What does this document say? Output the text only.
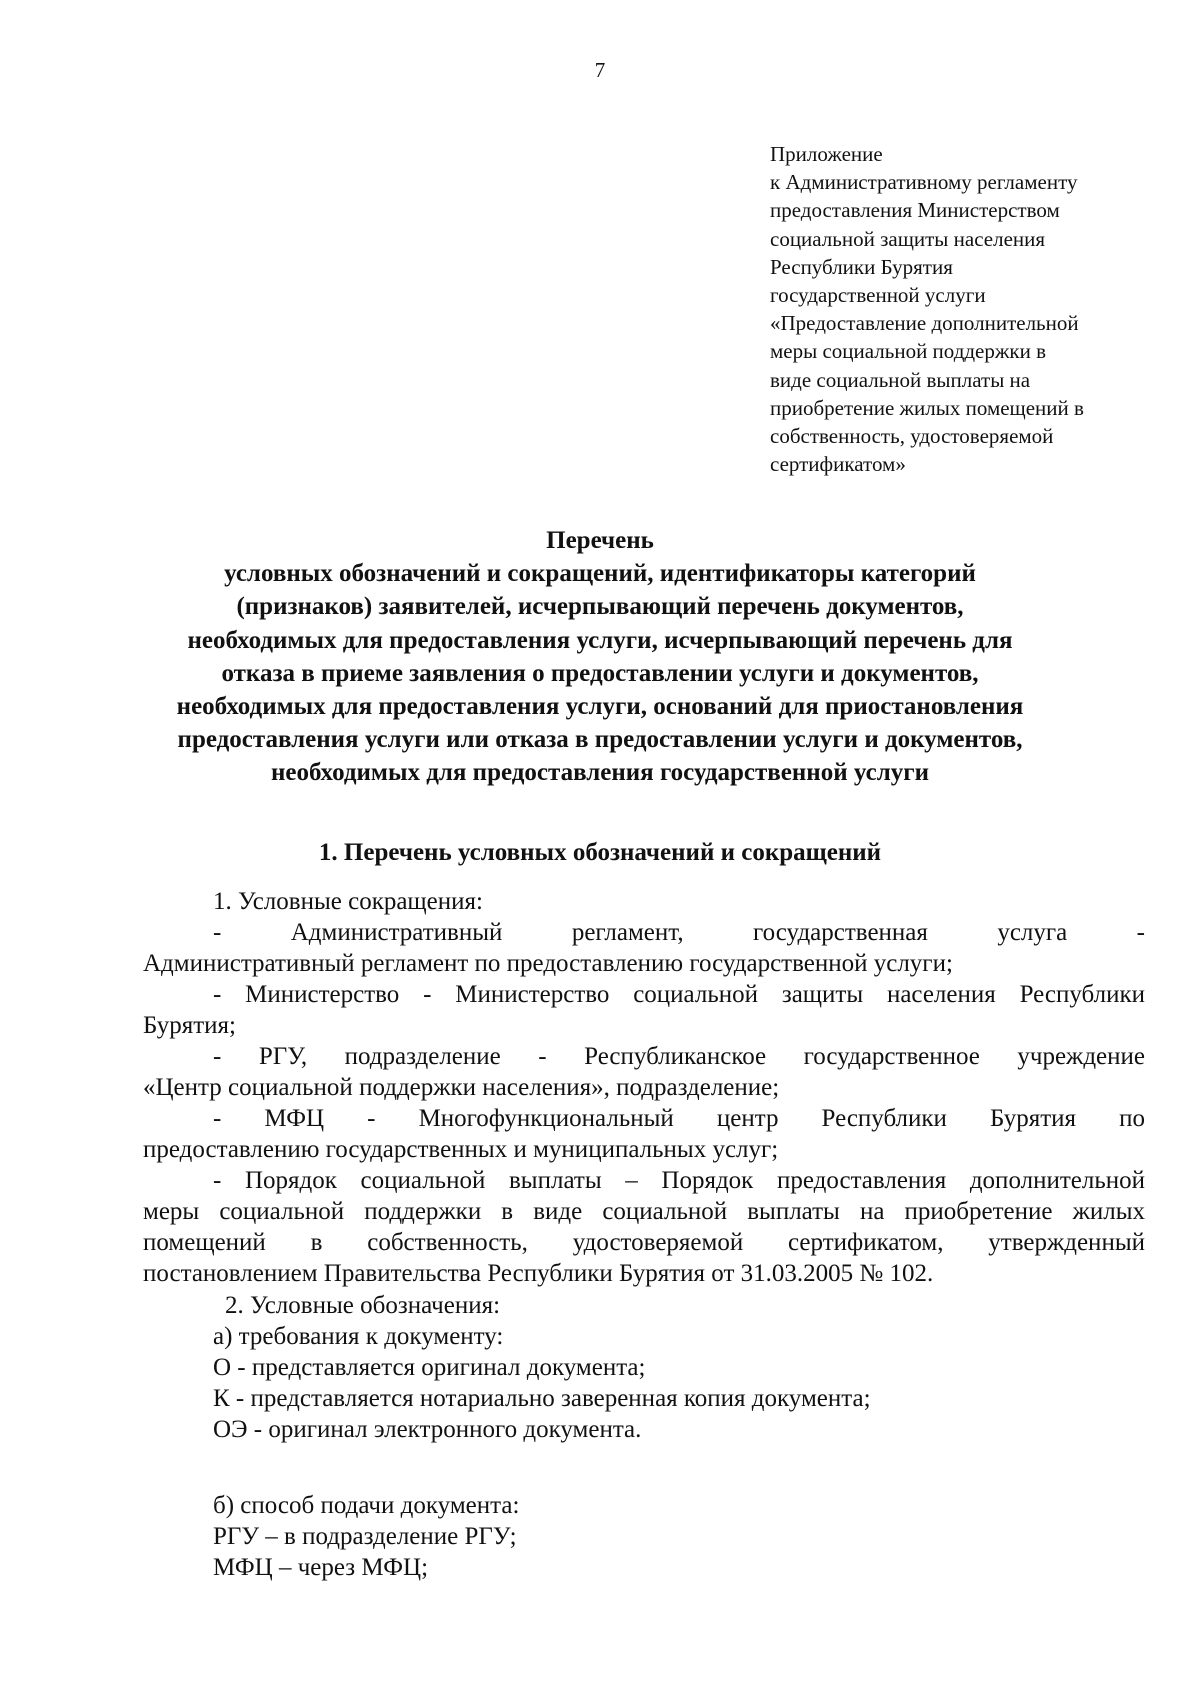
7
Приложение
к Административному регламенту
предоставления Министерством
социальной защиты населения
Республики Бурятия
государственной услуги
«Предоставление дополнительной
меры социальной поддержки в
виде социальной выплаты на
приобретение жилых помещений в
собственность, удостоверяемой
сертификатом»
Перечень
условных обозначений и сокращений, идентификаторы категорий
(признаков) заявителей, исчерпывающий перечень документов,
необходимых для предоставления услуги, исчерпывающий перечень для
отказа в приеме заявления о предоставлении услуги и документов,
необходимых для предоставления услуги, оснований для приостановления
предоставления услуги или отказа в предоставлении услуги и документов,
необходимых для предоставления государственной услуги
1. Перечень условных обозначений и сокращений
1. Условные сокращения:
- Административный регламент, государственная услуга -
Административный регламент по предоставлению государственной услуги;
- Министерство - Министерство социальной защиты населения Республики
Бурятия;
- РГУ, подразделение - Республиканское государственное учреждение
«Центр социальной поддержки населения», подразделение;
- МФЦ - Многофункциональный центр Республики Бурятия по
предоставлению государственных и муниципальных услуг;
- Порядок социальной выплаты – Порядок предоставления дополнительной
меры социальной поддержки в виде социальной выплаты на приобретение жилых
помещений в собственность, удостоверяемой сертификатом, утвержденный
постановлением Правительства Республики Бурятия от 31.03.2005 № 102.
2. Условные обозначения:
а) требования к документу:
О - представляется оригинал документа;
К - представляется нотариально заверенная копия документа;
ОЭ - оригинал электронного документа.
б) способ подачи документа:
РГУ – в подразделение РГУ;
МФЦ – через МФЦ;
